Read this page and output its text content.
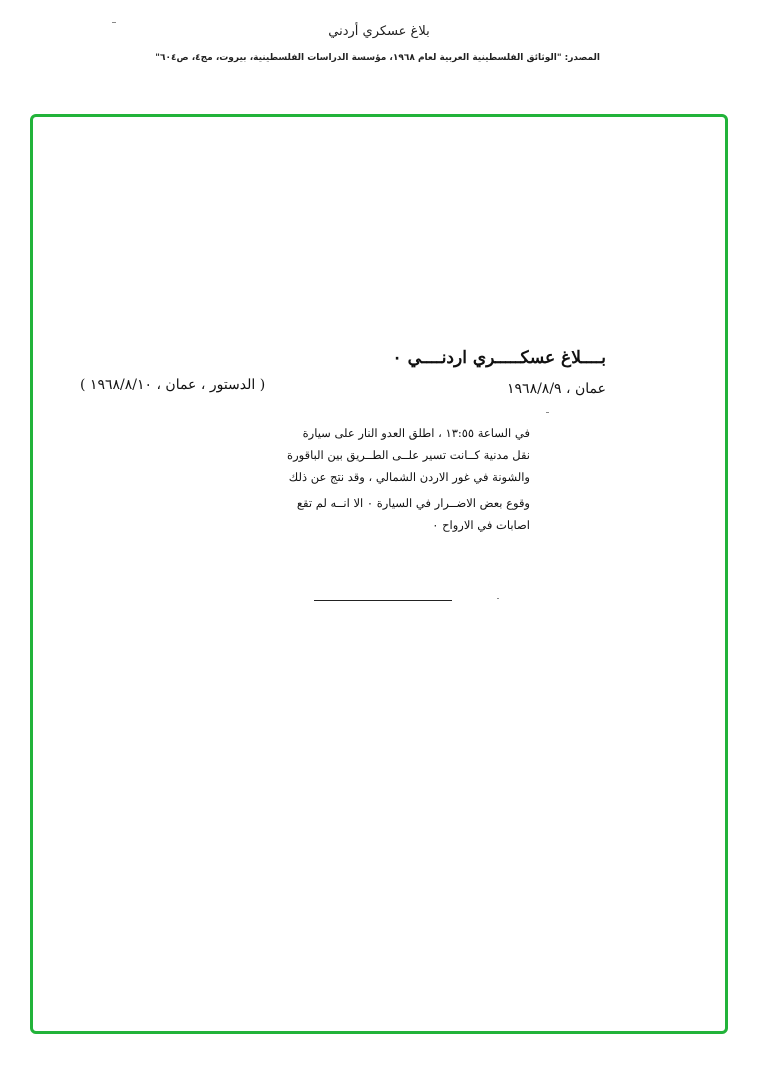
بلاغ عسكري أردني
المصدر: "الوثائق الفلسطينية العربية لعام ١٩٦٨، مؤسسة الدراسات الفلسطينية، بيروت، مج٤، ص٦٠٤"
بــــلاغ عسكـــــري اردنــــي ٠
عمان ، ١٩٦٨/٨/٩
( الدستور ، عمان ، ١٩٦٨/٨/١٠ )

في الساعة ١٣:٥٥ ، اطلق العدو النار على سيارة

نقل مدنية كــانت تسير علــى الطــريق بين الباقورة

والشونة في غور الاردن الشمالي ، وقد نتج عن ذلك

وقوع بعض الاضــرار في السيارة ٠ الا انــه لم تقع

اصابات في الارواح ٠
